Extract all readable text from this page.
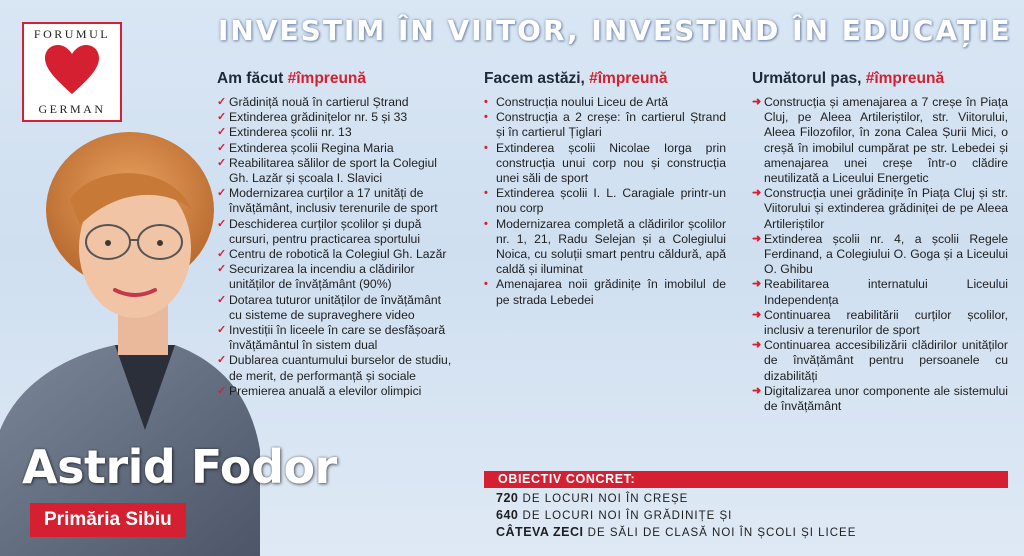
FORUMUL
GERMAN
INVESTIM ÎN VIITOR, INVESTIND ÎN EDUCAȚIE
Am făcut #împreună
✓ Grădiniță nouă în cartierul Ștrand
✓ Extinderea grădinițelor nr. 5 și 33
✓ Extinderea școlii nr. 13
✓ Extinderea școlii Regina Maria
✓ Reabilitarea sălilor de sport la Colegiul Gh. Lazăr și școala I. Slavici
✓ Modernizarea curților a 17 unități de învățământ, inclusiv terenurile de sport
✓ Deschiderea curților școlilor și după cursuri, pentru practicarea sportului
✓ Centru de robotică la Colegiul Gh. Lazăr
✓ Securizarea la incendiu a clădirilor unităților de învățământ (90%)
✓ Dotarea tuturor unităților de învățământ cu sisteme de supraveghere video
✓ Investiții în liceele în care se desfășoară învățământul în sistem dual
✓ Dublarea cuantumului burselor de studiu, de merit, de performanță și sociale
✓ Premierea anuală a elevilor olimpici
Facem astăzi, #împreună
• Construcția noului Liceu de Artă
• Construcția a 2 creșe: în cartierul Ștrand și în cartierul Țiglari
• Extinderea școlii Nicolae Iorga prin construcția unui corp nou și construcția unei săli de sport
• Extinderea școlii I. L. Caragiale printr-un nou corp
• Modernizarea completă a clădirilor școlilor nr. 1, 21, Radu Selejan și a Colegiului Noica, cu soluții smart pentru căldură, apă caldă și iluminat
• Amenajarea noii grădinițe în imobilul de pe strada Lebedei
Următorul pas, #împreună
➜ Construcția și amenajarea a 7 creșe în Piața Cluj, pe Aleea Artileriștilor, str. Viitorului, Aleea Filozofilor, în zona Calea Șurii Mici, o creșă în imobilul cumpărat pe str. Lebedei și amenajarea unei creșe într-o clădire neutilizată a Liceului Energetic
➜ Construcția unei grădinițe în Piața Cluj și str. Viitorului și extinderea grădiniței de pe Aleea Artileriștilor
➜ Extinderea școlii nr. 4, a școlii Regele Ferdinand, a Colegiului O. Goga și a Liceului O. Ghibu
➜ Reabilitarea internatului Liceului Independența
➜ Continuarea reabilitării curților școlilor, inclusiv a terenurilor de sport
➜ Continuarea accesibilizării clădirilor unităților de învățământ pentru persoanele cu dizabilități
➜ Digitalizarea unor componente ale sistemului de învățământ
Astrid Fodor
Primăria Sibiu
OBIECTIV CONCRET:
720 DE LOCURI NOI ÎN CREȘE
640 DE LOCURI NOI ÎN GRĂDINIȚE ȘI
CÂTEVA ZECI DE SĂLI DE CLASĂ NOI ÎN ȘCOLI ȘI LICEE
